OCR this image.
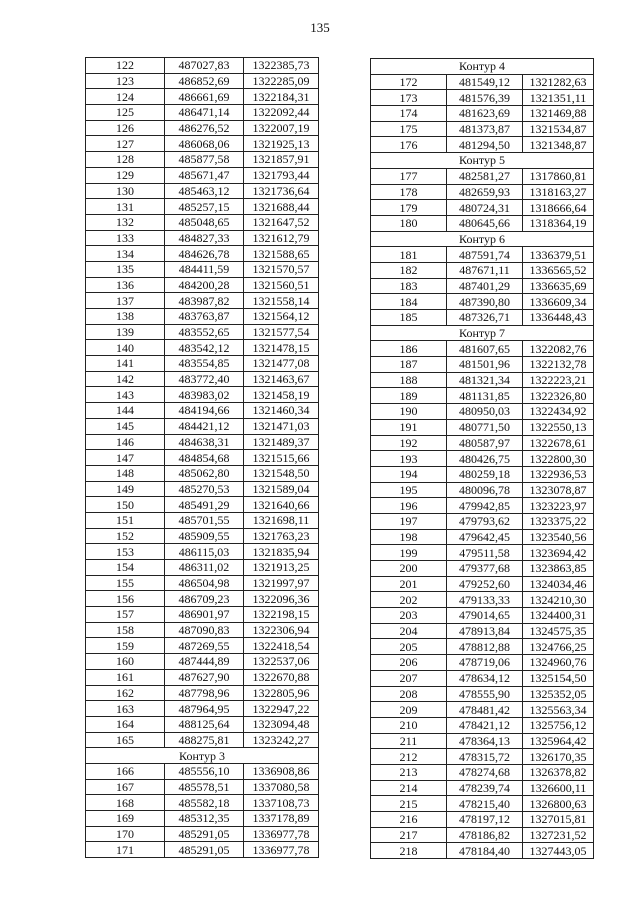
135
122	487027,83	1322385,73
123	486852,69	1322285,09
124	486661,69	1322184,31
125	486471,14	1322092,44
126	486276,52	1322007,19
127	486068,06	1321925,13
128	485877,58	1321857,91
129	485671,47	1321793,44
130	485463,12	1321736,64
131	485257,15	1321688,44
132	485048,65	1321647,52
133	484827,33	1321612,79
134	484626,78	1321588,65
135	484411,59	1321570,57
136	484200,28	1321560,51
137	483987,82	1321558,14
138	483763,87	1321564,12
139	483552,65	1321577,54
140	483542,12	1321478,15
141	483554,85	1321477,08
142	483772,40	1321463,67
143	483983,02	1321458,19
144	484194,66	1321460,34
145	484421,12	1321471,03
146	484638,31	1321489,37
147	484854,68	1321515,66
148	485062,80	1321548,50
149	485270,53	1321589,04
150	485491,29	1321640,66
151	485701,55	1321698,11
152	485909,55	1321763,23
153	486115,03	1321835,94
154	486311,02	1321913,25
155	486504,98	1321997,97
156	486709,23	1322096,36
157	486901,97	1322198,15
158	487090,83	1322306,94
159	487269,55	1322418,54
160	487444,89	1322537,06
161	487627,90	1322670,88
162	487798,96	1322805,96
163	487964,95	1322947,22
164	488125,64	1323094,48
165	488275,81	1323242,27
Контур 3		
166	485556,10	1336908,86
167	485578,51	1337080,58
168	485582,18	1337108,73
169	485312,35	1337178,89
170	485291,05	1336977,78
171	485291,05	1336977,78
Контур 4		
172	481549,12	1321282,63
173	481576,39	1321351,11
174	481623,69	1321469,88
175	481373,87	1321534,87
176	481294,50	1321348,87
Контур 5		
177	482581,27	1317860,81
178	482659,93	1318163,27
179	480724,31	1318666,64
180	480645,66	1318364,19
Контур 6		
181	487591,74	1336379,51
182	487671,11	1336565,52
183	487401,29	1336635,69
184	487390,80	1336609,34
185	487326,71	1336448,43
Контур 7		
186	481607,65	1322082,76
187	481501,96	1322132,78
188	481321,34	1322223,21
189	481131,85	1322326,80
190	480950,03	1322434,92
191	480771,50	1322550,13
192	480587,97	1322678,61
193	480426,75	1322800,30
194	480259,18	1322936,53
195	480096,78	1323078,87
196	479942,85	1323223,97
197	479793,62	1323375,22
198	479642,45	1323540,56
199	479511,58	1323694,42
200	479377,68	1323863,85
201	479252,60	1324034,46
202	479133,33	1324210,30
203	479014,65	1324400,31
204	478913,84	1324575,35
205	478812,88	1324766,25
206	478719,06	1324960,76
207	478634,12	1325154,50
208	478555,90	1325352,05
209	478481,42	1325563,34
210	478421,12	1325756,12
211	478364,13	1325964,42
212	478315,72	1326170,35
213	478274,68	1326378,82
214	478239,74	1326600,11
215	478215,40	1326800,63
216	478197,12	1327015,81
217	478186,82	1327231,52
218	478184,40	1327443,05
